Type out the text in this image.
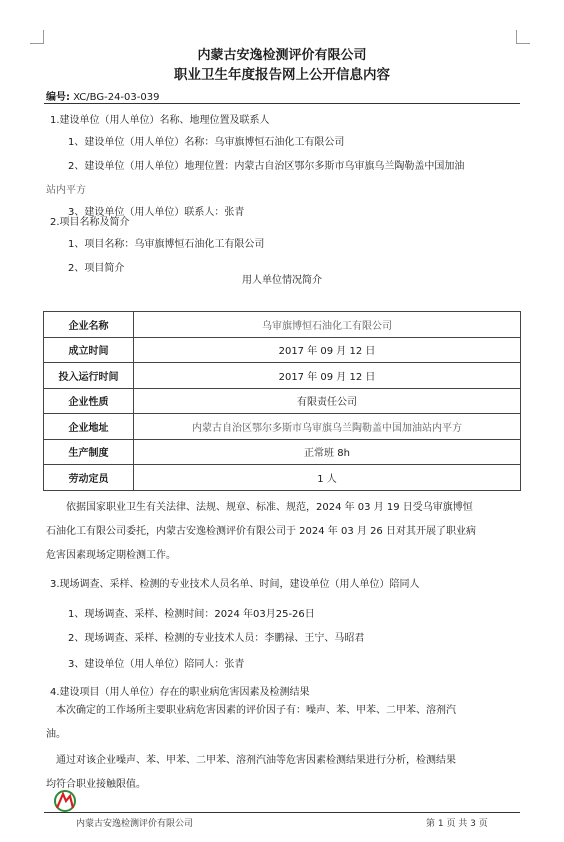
内蒙古安逸检测评价有限公司
职业卫生年度报告网上公开信息内容
编号: XC/BG-24-03-039
1.建设单位（用人单位）名称、地理位置及联系人
1、建设单位（用人单位）名称：乌审旗博恒石油化工有限公司
2、建设单位（用人单位）地理位置：内蒙古自治区鄂尔多斯市乌审旗乌兰陶勒盖中国加油
站内平方
3、建设单位（用人单位）联系人：张青
2.项目名称及简介
1、项目名称：乌审旗博恒石油化工有限公司
2、项目简介
用人单位情况简介
企业名称	乌审旗博恒石油化工有限公司
成立时间	2017 年 09 月 12 日
投入运行时间	2017 年 09 月 12 日
企业性质	有限责任公司
企业地址	内蒙古自治区鄂尔多斯市乌审旗乌兰陶勒盖中国加油站内平方
生产制度	正常班 8h
劳动定员	1 人
依据国家职业卫生有关法律、法规、规章、标准、规范，2024 年 03 月 19 日受乌审旗博恒
石油化工有限公司委托，内蒙古安逸检测评价有限公司于 2024 年 03 月 26 日对其开展了职业病
危害因素现场定期检测工作。
3.现场调查、采样、检测的专业技术人员名单、时间，建设单位（用人单位）陪同人
1、现场调查、采样、检测时间：2024 年03月25-26日
2、现场调查、采样、检测的专业技术人员：李鹏禄、王宁、马昭君
3、建设单位（用人单位）陪同人：张青
4.建设项目（用人单位）存在的职业病危害因素及检测结果
本次确定的工作场所主要职业病危害因素的评价因子有：噪声、苯、甲苯、二甲苯、溶剂汽
油。
通过对该企业噪声、苯、甲苯、二甲苯、溶剂汽油等危害因素检测结果进行分析，检测结果
均符合职业接触限值。
内蒙古安逸检测评价有限公司	第 1 页 共 3 页
